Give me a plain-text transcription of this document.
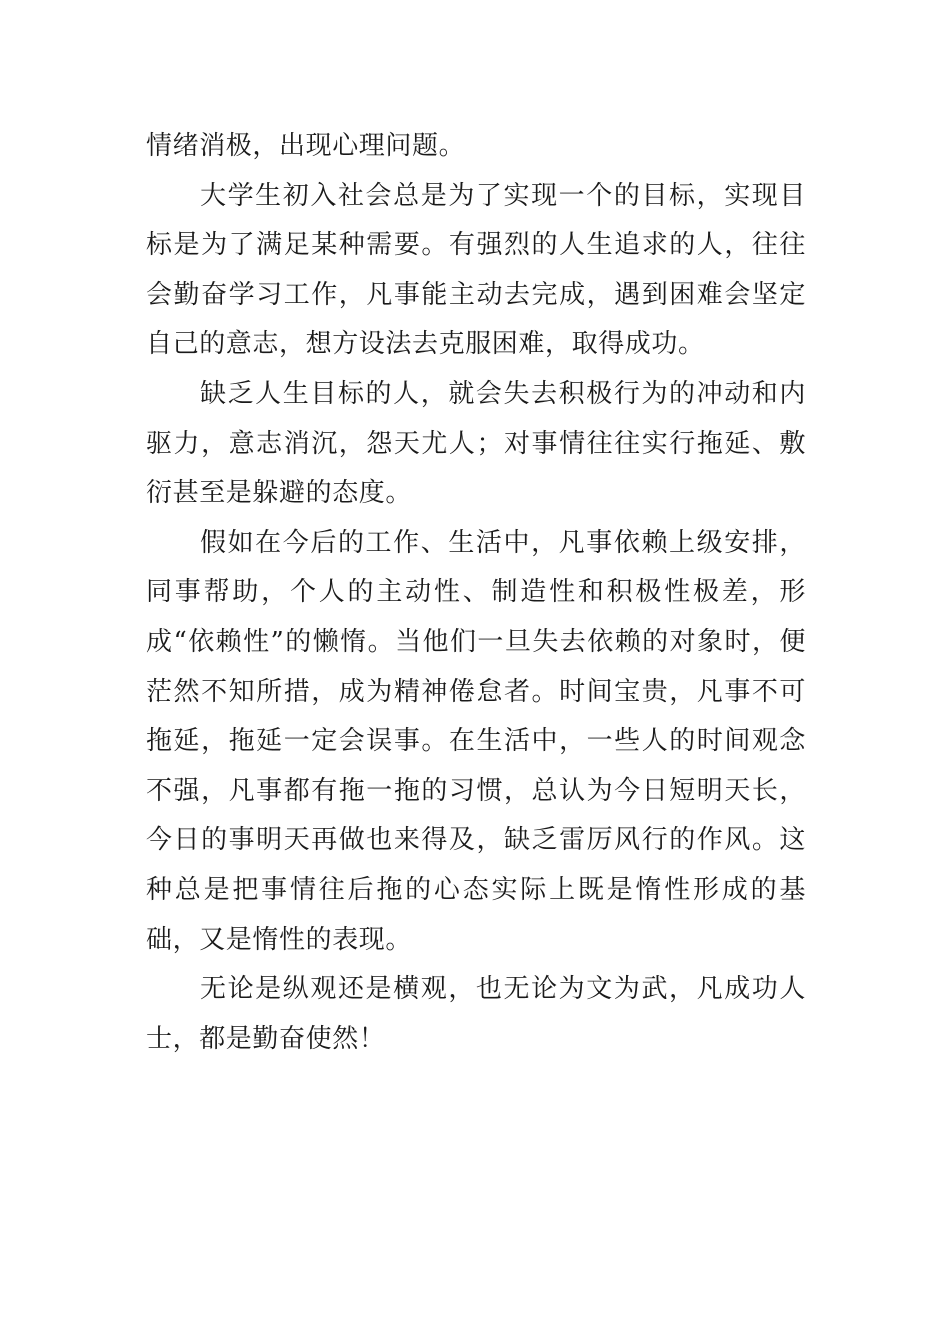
情绪消极，出现心理问题。

大学生初入社会总是为了实现一个的目标，实现目标是为了满足某种需要。有强烈的人生追求的人，往往会勤奋学习工作，凡事能主动去完成，遇到困难会坚定自己的意志，想方设法去克服困难，取得成功。

缺乏人生目标的人，就会失去积极行为的冲动和内驱力，意志消沉，怨天尤人；对事情往往实行拖延、敷衍甚至是躲避的态度。

假如在今后的工作、生活中，凡事依赖上级安排，同事帮助，个人的主动性、制造性和积极性极差，形成“依赖性”的懒惰。当他们一旦失去依赖的对象时，便茫然不知所措，成为精神倦怠者。时间宝贵，凡事不可拖延，拖延一定会误事。在生活中，一些人的时间观念不强，凡事都有拖一拖的习惯，总认为今日短明天长，今日的事明天再做也来得及，缺乏雷厉风行的作风。这种总是把事情往后拖的心态实际上既是惰性形成的基础，又是惰性的表现。

无论是纵观还是横观，也无论为文为武，凡成功人士，都是勤奋使然！
